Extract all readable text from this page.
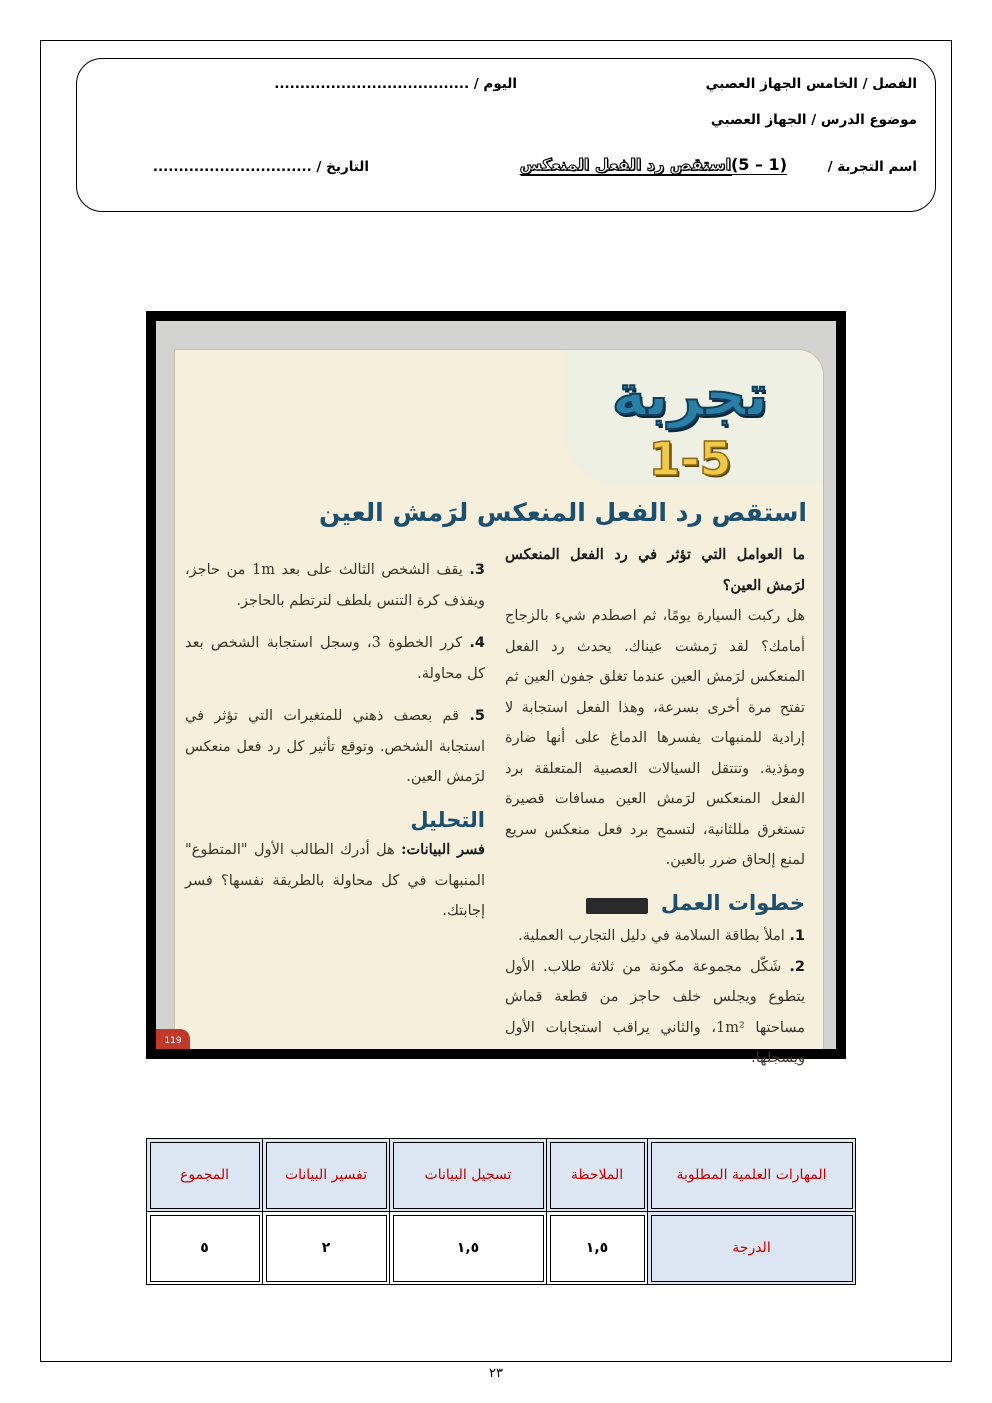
الفصل / الخامس الجهاز العصبي
اليوم / ......................................
موضوع الدرس / الجهاز العصبي
اسم التجربة /
(1 – 5)استقص رد الفعل المنعكس
التاريخ / ...............................
تجربة 5-1
استقص رد الفعل المنعكس لرَمش العين
ما العوامل التي تؤثر في رد الفعل المنعكس لرَمش العين؟
هل ركبت السيارة يومًا، ثم اصطدم شيء بالزجاج أمامك؟ لقد رَمشت عيناك. يحدث رد الفعل المنعكس لرَمش العين عندما تغلق جفون العين ثم تفتح مرة أخرى بسرعة، وهذا الفعل استجابة لا إرادية للمنبهات يفسرها الدماغ على أنها ضارة ومؤذية. وتنتقل السيالات العصبية المتعلقة برد الفعل المنعكس لرَمش العين مسافات قصيرة تستغرق مللثانية، لتسمح برد فعل منعكس سريع لمنع إلحاق ضرر بالعين.
خطوات العمل
1. املأ بطاقة السلامة في دليل التجارب العملية.
2. شَكّل مجموعة مكونة من ثلاثة طلاب. الأول يتطوع ويجلس خلف حاجز من قطعة قماش مساحتها 1m²، والثاني يراقب استجابات الأول ويسجلها.
3. يقف الشخص الثالث على بعد 1m من حاجز، ويقذف كرة التنس بلطف لترتطم بالحاجز.
4. كرر الخطوة 3، وسجل استجابة الشخص بعد كل محاولة.
5. قم بعصف ذهني للمتغيرات التي تؤثر في استجابة الشخص. وتوقع تأثير كل رد فعل منعكس لرَمش العين.
التحليل
فسر البيانات: هل أدرك الطالب الأول "المتطوع" المنبهات في كل محاولة بالطريقة نفسها؟ فسر إجابتك.
119
المهارات العلمية المطلوبة	الملاحظة	تسجيل البيانات	تفسير البيانات	المجموع
الدرجة	١,٥	١,٥	٢	٥
٢٣
